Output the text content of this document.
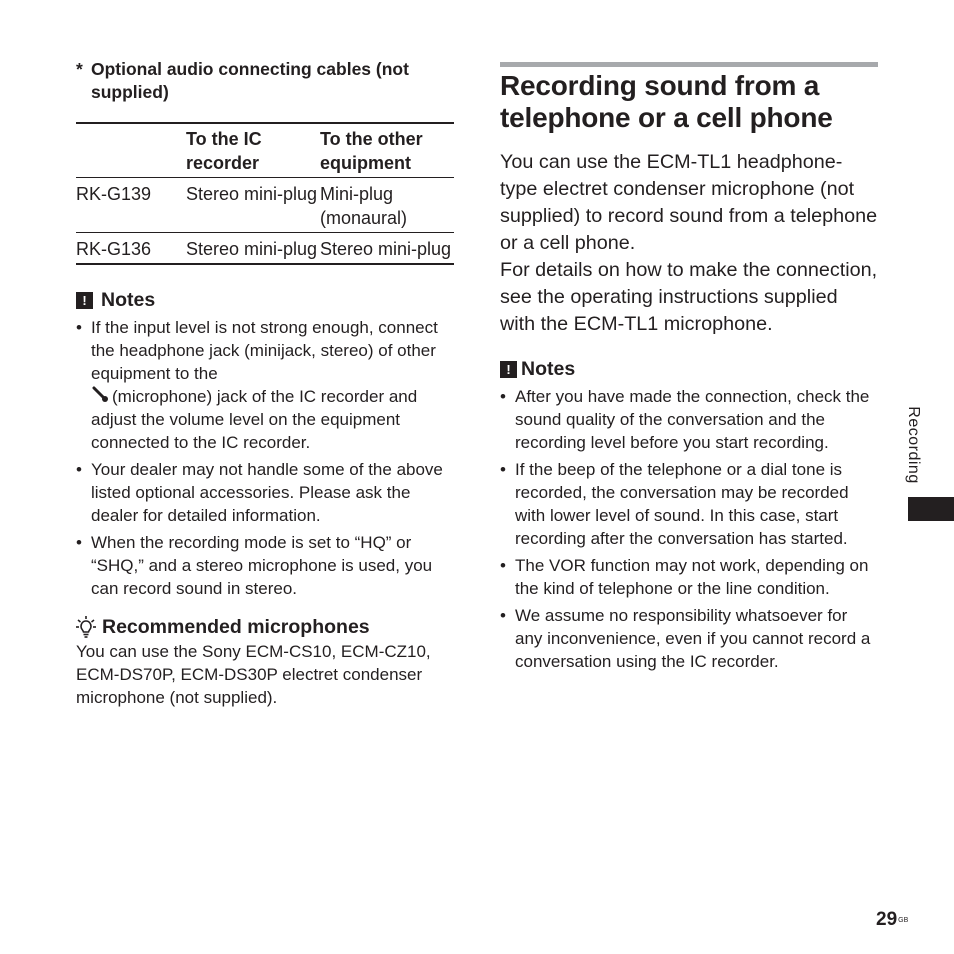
* Optional audio connecting cables (not supplied)
	To the IC recorder	To the other equipment
RK-G139	Stereo mini-plug	Mini-plug (monaural)
RK-G136	Stereo mini-plug	Stereo mini-plug
! Notes
• If the input level is not strong enough, connect the headphone jack (minijack, stereo) of other equipment to the
(microphone) jack of the IC recorder and adjust the volume level on the equipment connected to the IC recorder.
• Your dealer may not handle some of the above listed optional accessories. Please ask the dealer for detailed information.
• When the recording mode is set to “HQ” or “SHQ,” and a stereo microphone is used, you can record sound in stereo.
Recommended microphones

You can use the Sony ECM-CS10, ECM-CZ10, ECM-DS70P, ECM-DS30P electret condenser microphone (not supplied).

Recording sound from a telephone or a cell phone

You can use the ECM-TL1 headphone-type electret condenser microphone (not supplied) to record sound from a telephone or a cell phone.

For details on how to make the connection, see the operating instructions supplied with the ECM-TL1 microphone.

! Notes
• After you have made the connection, check the sound quality of the conversation and the recording level before you start recording.
• If the beep of the telephone or a dial tone is recorded, the conversation may be recorded with lower level of sound. In this case, start recording after the conversation has started.
• The VOR function may not work, depending on the kind of telephone or the line condition.
• We assume no responsibility whatsoever for any inconvenience, even if you cannot record a conversation using the IC recorder.
Recording
$29^{GB}$
